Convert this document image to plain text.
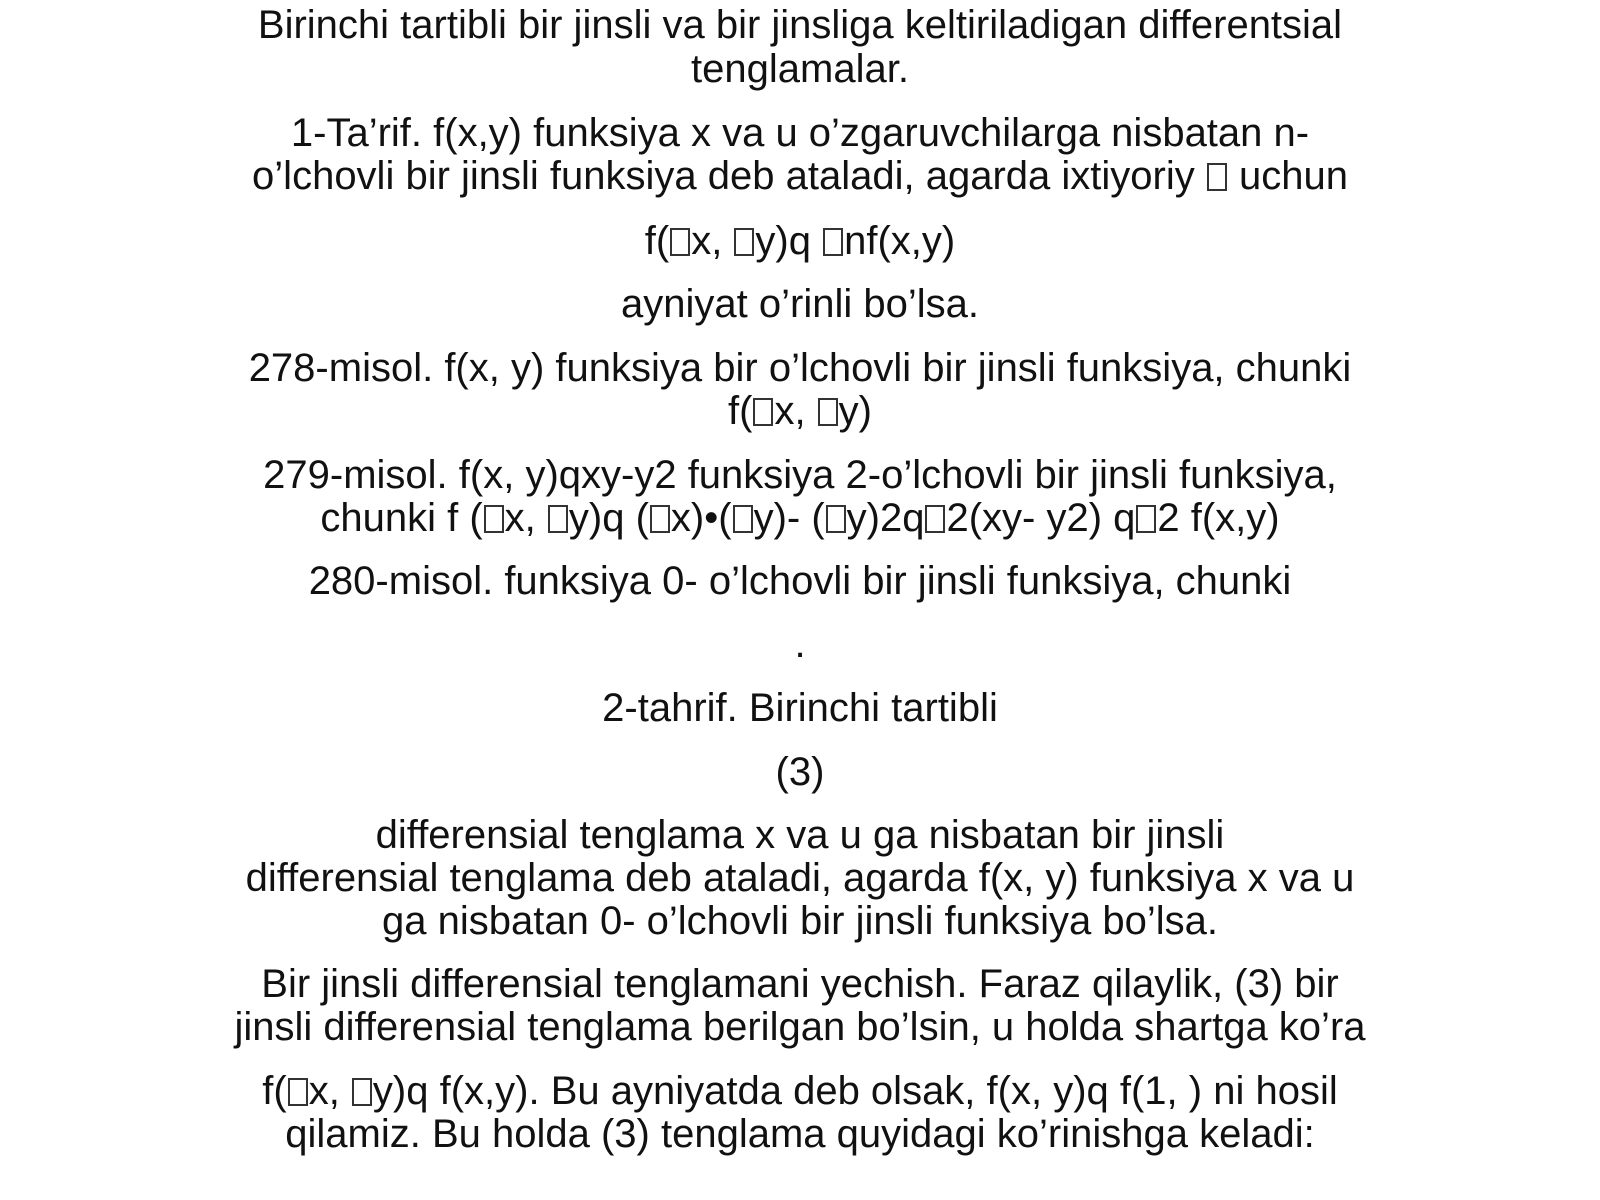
Birinchi tartibli bir jinsli va bir jinsliga keltiriladigan differentsial
tenglamalar.
1-Ta’rif. f(x,y) funksiya x va u o’zgaruvchilarga nisbatan n-
o’lchovli bir jinsli funksiya deb ataladi, agarda ixtiyoriy  uchun
f( x, y)q nf(x,y)
ayniyat o’rinli bo’lsa.
278-misol. f(x, y) funksiya bir o’lchovli bir jinsli funksiya, chunki
f( x, y)
279-misol. f(x, y)qxy-y2 funksiya 2-o’lchovli bir jinsli funksiya,
chunki f ( x, y)q ( x)•( y)- ( y)2q 2(xy- y2) q 2 f(x,y)
280-misol. funksiya 0- o’lchovli bir jinsli funksiya, chunki
.
2-tahrif. Birinchi tartibli
(3)
differensial tenglama x va u ga nisbatan bir jinsli
differensial tenglama deb ataladi, agarda f(x, y) funksiya x va u
ga nisbatan 0- o’lchovli bir jinsli funksiya bo’lsa.
Bir jinsli differensial tenglamani yechish. Faraz qilaylik, (3) bir
jinsli differensial tenglama berilgan bo’lsin, u holda shartga ko’ra
f( x, y)q f(x,y). Bu ayniyatda deb olsak, f(x, y)q f(1, ) ni hosil
qilamiz. Bu holda (3) tenglama quyidagi ko’rinishga keladi:
